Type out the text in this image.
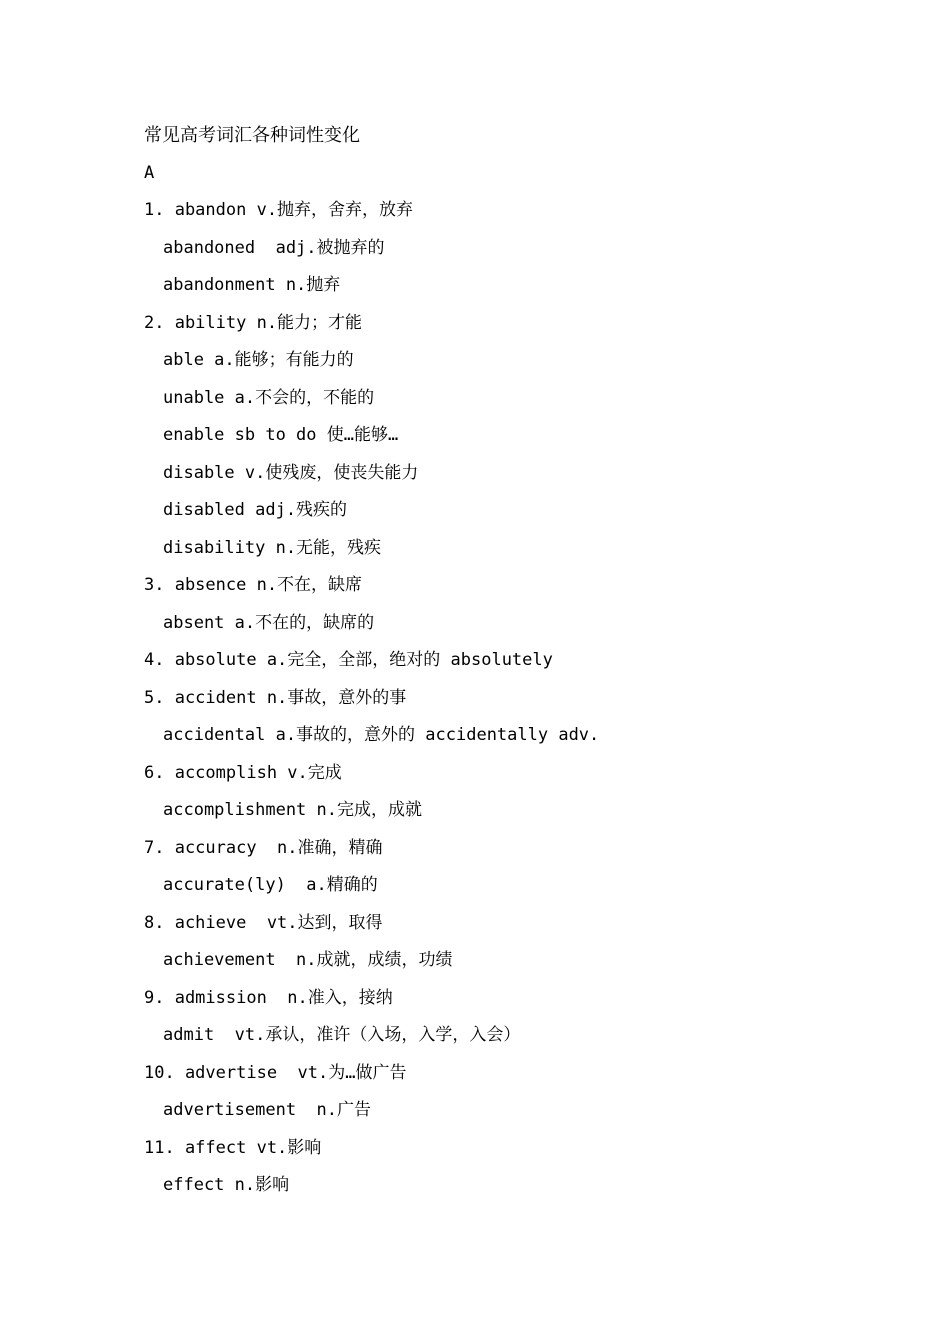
常见高考词汇各种词性变化
A
1. abandon v.抛弃，舍弃，放弃
abandoned  adj.被抛弃的
abandonment n.抛弃
2. ability n.能力；才能
able a.能够；有能力的
unable a.不会的，不能的
enable sb to do 使…能够…
disable v.使残废，使丧失能力
disabled adj.残疾的
disability n.无能，残疾
3. absence n.不在，缺席
absent a.不在的，缺席的
4. absolute a.完全，全部，绝对的 absolutely
5. accident n.事故，意外的事
accidental a.事故的，意外的 accidentally adv.
6. accomplish v.完成
accomplishment n.完成，成就
7. accuracy  n.准确，精确
accurate(ly)  a.精确的
8. achieve  vt.达到，取得
achievement  n.成就，成绩，功绩
9. admission  n.准入，接纳
admit  vt.承认，准许（入场，入学，入会）
10. advertise  vt.为…做广告
advertisement  n.广告
11. affect vt.影响
effect n.影响
